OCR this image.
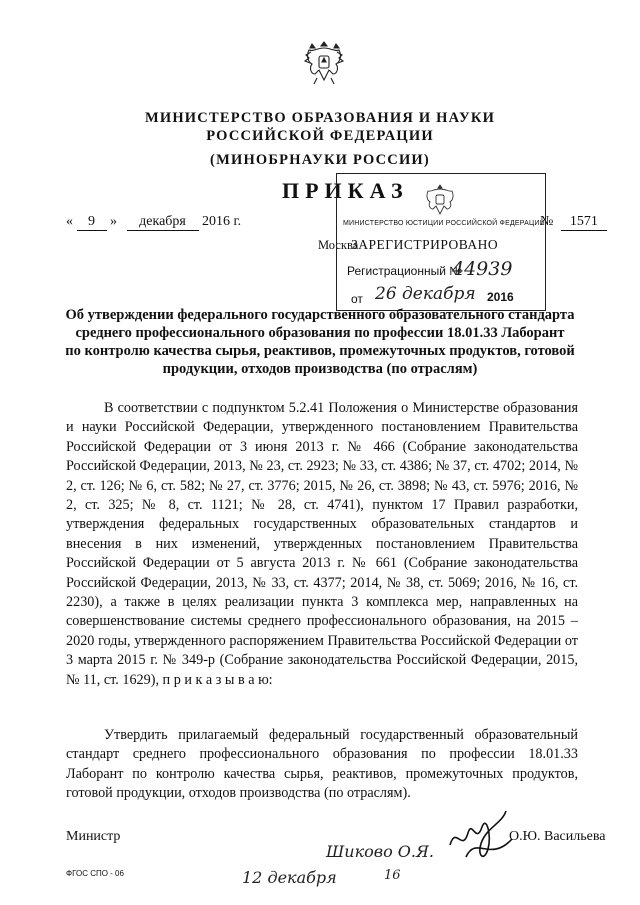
МИНИСТЕРСТВО ОБРАЗОВАНИЯ И НАУКИ
РОССИЙСКОЙ ФЕДЕРАЦИИ
(МИНОБРНАУКИ РОССИИ)
ПРИКАЗ
« 9 » декабря 2016 г.	№ 1571
Москва
МИНИСТЕРСТВО ЮСТИЦИИ РОССИЙСКОЙ ФЕДЕРАЦИИ
ЗАРЕГИСТРИРОВАНО
Регистрационный №
44939
от 26 декабря 2016
Об утверждении федерального государственного образовательного стандарта
среднего профессионального образования по профессии 18.01.33 Лаборант
по контролю качества сырья, реактивов, промежуточных продуктов, готовой
продукции, отходов производства (по отраслям)
В соответствии с подпунктом 5.2.41 Положения о Министерстве образования и науки Российской Федерации, утвержденного постановлением Правительства Российской Федерации от 3 июня 2013 г. № 466 (Собрание законодательства Российской Федерации, 2013, № 23, ст. 2923; № 33, ст. 4386; № 37, ст. 4702; 2014, № 2, ст. 126; № 6, ст. 582; № 27, ст. 3776; 2015, № 26, ст. 3898; № 43, ст. 5976; 2016, № 2, ст. 325; № 8, ст. 1121; № 28, ст. 4741), пунктом 17 Правил разработки, утверждения федеральных государственных образовательных стандартов и внесения в них изменений, утвержденных постановлением Правительства Российской Федерации от 5 августа 2013 г. № 661 (Собрание законодательства Российской Федерации, 2013, № 33, ст. 4377; 2014, № 38, ст. 5069; 2016, № 16, ст. 2230), а также в целях реализации пункта 3 комплекса мер, направленных на совершенствование системы среднего профессионального образования, на 2015 – 2020 годы, утвержденного распоряжением Правительства Российской Федерации от 3 марта 2015 г. № 349-р (Собрание законодательства Российской Федерации, 2015, № 11, ст. 1629), п р и к а з ы в а ю:
Утвердить прилагаемый федеральный государственный образовательный стандарт среднего профессионального образования по профессии 18.01.33 Лаборант по контролю качества сырья, реактивов, промежуточных продуктов, готовой продукции, отходов производства (по отраслям).
Министр	О.Ю. Васильева
Шиково О.Я.
12 декабря	16
ФГОС СПО - 06
